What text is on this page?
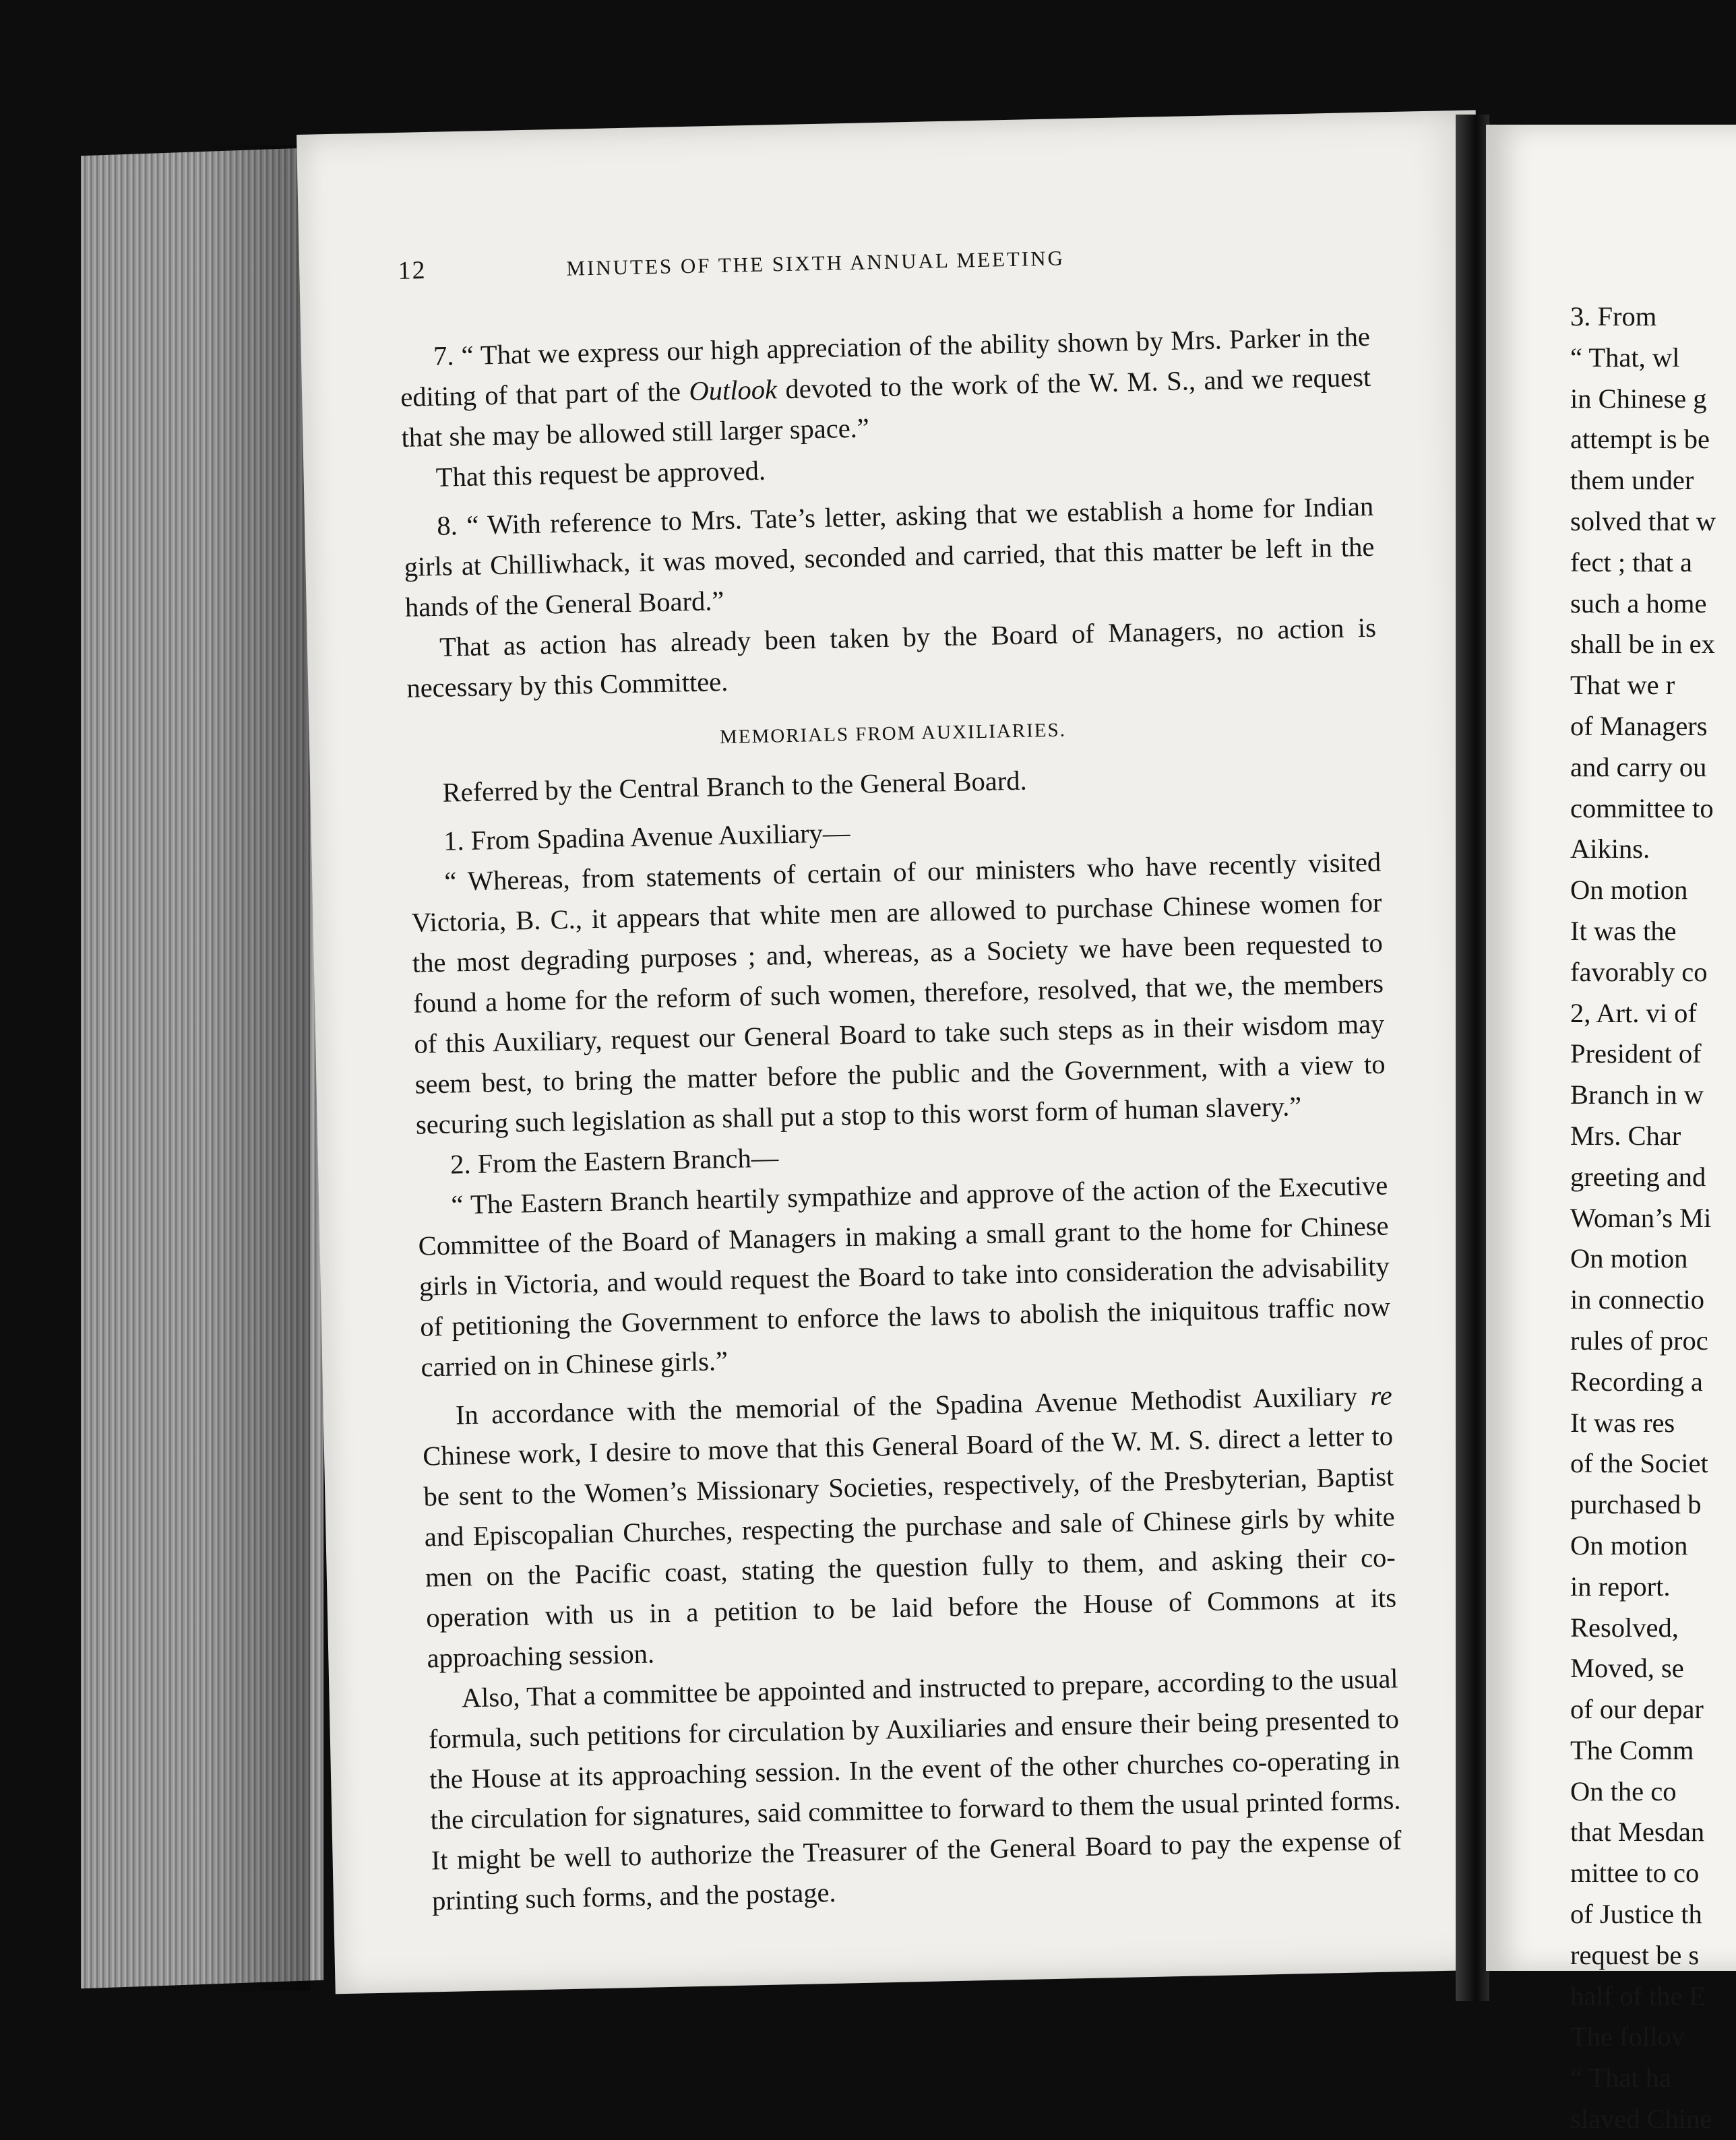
12	MINUTES OF THE SIXTH ANNUAL MEETING

7. “ That we express our high appreciation of the ability shown by Mrs. Parker in the editing of that part of the Outlook devoted to the work of the W. M. S., and we request that she may be allowed still larger space.”

That this request be approved.

8. “ With reference to Mrs. Tate’s letter, asking that we establish a home for Indian girls at Chilliwhack, it was moved, seconded and carried, that this matter be left in the hands of the General Board.”

That as action has already been taken by the Board of Managers, no action is necessary by this Committee.

MEMORIALS FROM AUXILIARIES.

Referred by the Central Branch to the General Board.

1. From Spadina Avenue Auxiliary—

“ Whereas, from statements of certain of our ministers who have recently visited Victoria, B. C., it appears that white men are allowed to purchase Chinese women for the most degrading purposes ; and, whereas, as a Society we have been requested to found a home for the reform of such women, therefore, resolved, that we, the members of this Auxiliary, request our General Board to take such steps as in their wisdom may seem best, to bring the matter before the public and the Government, with a view to securing such legislation as shall put a stop to this worst form of human slavery.”

2. From the Eastern Branch—

“ The Eastern Branch heartily sympathize and approve of the action of the Executive Committee of the Board of Managers in making a small grant to the home for Chinese girls in Victoria, and would request the Board to take into consideration the advisability of petitioning the Government to enforce the laws to abolish the iniquitous traffic now carried on in Chinese girls.”

In accordance with the memorial of the Spadina Avenue Methodist Auxiliary re Chinese work, I desire to move that this General Board of the W. M. S. direct a letter to be sent to the Women’s Missionary Societies, respectively, of the Presbyterian, Baptist and Episcopalian Churches, respecting the purchase and sale of Chinese girls by white men on the Pacific coast, stating the question fully to them, and asking their co-operation with us in a petition to be laid before the House of Commons at its approaching session.

Also, That a committee be appointed and instructed to prepare, according to the usual formula, such petitions for circulation by Auxiliaries and ensure their being presented to the House at its approaching session. In the event of the other churches co-operating in the circulation for signatures, said committee to forward to them the usual printed forms. It might be well to authorize the Treasurer of the General Board to pay the expense of printing such forms, and the postage.

3. From
“ That, wl
in Chinese g
attempt is be
them under
solved that w
fect ; that a
such a home
shall be in ex
That we r
of Managers
and carry ou
committee to
Aikins.
On motion
It was the
favorably co
2, Art. vi of
President of
Branch in w
Mrs. Char
greeting and
Woman’s Mi
On motion
in connectio
rules of proc
Recording a
It was res
of the Societ
purchased b
On motion
in report.
Resolved,
Moved, se
of our depar
The Comm
On the co
that Mesdan
mittee to co
of Justice th
request be s
half of the E
The follov
“ That ha
slaved Chine
